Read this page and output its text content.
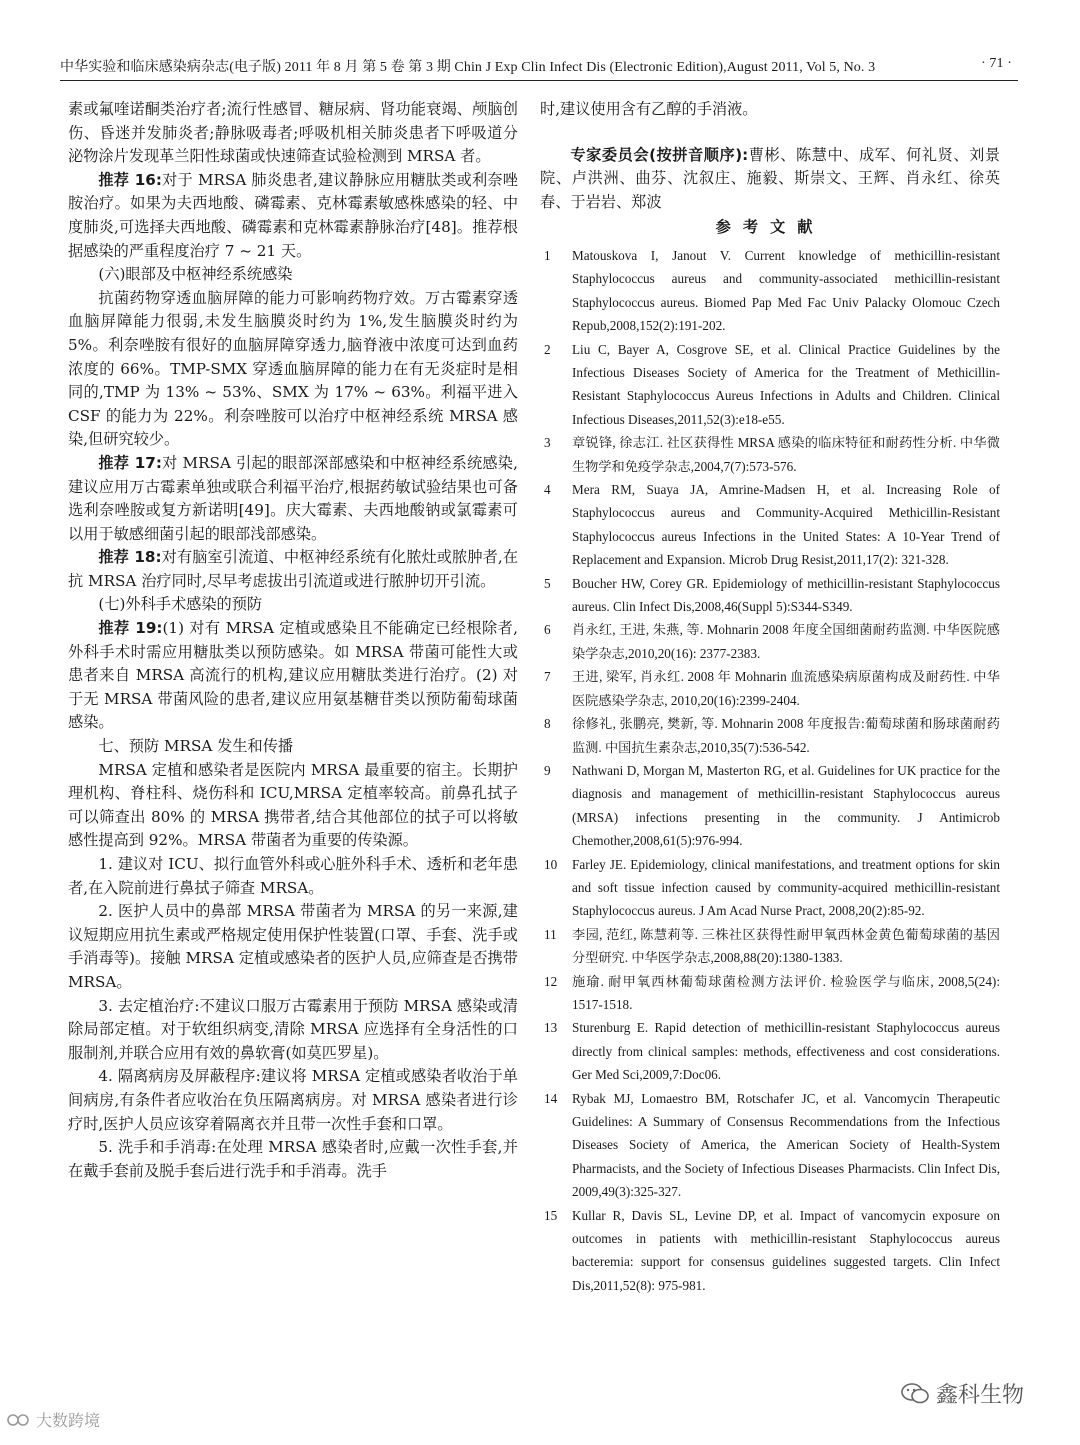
中华实验和临床感染病杂志(电子版) 2011 年 8 月 第 5 卷 第 3 期 Chin J Exp Clin Infect Dis (Electronic Edition),August 2011, Vol 5, No. 3	· 71 ·

素或氟喹诺酮类治疗者;流行性感冒、糖尿病、肾功能衰竭、颅脑创伤、昏迷并发肺炎者;静脉吸毒者;呼吸机相关肺炎患者下呼吸道分泌物涂片发现革兰阳性球菌或快速筛查试验检测到 MRSA 者。

推荐 16:对于 MRSA 肺炎患者,建议静脉应用糖肽类或利奈唑胺治疗。如果为夫西地酸、磷霉素、克林霉素敏感株感染的轻、中度肺炎,可选择夫西地酸、磷霉素和克林霉素静脉治疗[48]。推荐根据感染的严重程度治疗 7 ~ 21 天。

(六)眼部及中枢神经系统感染

抗菌药物穿透血脑屏障的能力可影响药物疗效。万古霉素穿透血脑屏障能力很弱,未发生脑膜炎时约为 1%,发生脑膜炎时约为 5%。利奈唑胺有很好的血脑屏障穿透力,脑脊液中浓度可达到血药浓度的 66%。TMP-SMX 穿透血脑屏障的能力在有无炎症时是相同的,TMP 为 13% ~ 53%、SMX 为 17% ~ 63%。利福平进入 CSF 的能力为 22%。利奈唑胺可以治疗中枢神经系统 MRSA 感染,但研究较少。

推荐 17:对 MRSA 引起的眼部深部感染和中枢神经系统感染,建议应用万古霉素单独或联合利福平治疗,根据药敏试验结果也可备选利奈唑胺或复方新诺明[49]。庆大霉素、夫西地酸钠或氯霉素可以用于敏感细菌引起的眼部浅部感染。

推荐 18:对有脑室引流道、中枢神经系统有化脓灶或脓肿者,在抗 MRSA 治疗同时,尽早考虑拔出引流道或进行脓肿切开引流。

(七)外科手术感染的预防

推荐 19:(1) 对有 MRSA 定植或感染且不能确定已经根除者,外科手术时需应用糖肽类以预防感染。如 MRSA 带菌可能性大或患者来自 MRSA 高流行的机构,建议应用糖肽类进行治疗。(2) 对于无 MRSA 带菌风险的患者,建议应用氨基糖苷类以预防葡萄球菌感染。

七、预防 MRSA 发生和传播

MRSA 定植和感染者是医院内 MRSA 最重要的宿主。长期护理机构、脊柱科、烧伤科和 ICU,MRSA 定植率较高。前鼻孔拭子可以筛查出 80% 的 MRSA 携带者,结合其他部位的拭子可以将敏感性提高到 92%。MRSA 带菌者为重要的传染源。

1. 建议对 ICU、拟行血管外科或心脏外科手术、透析和老年患者,在入院前进行鼻拭子筛查 MRSA。

2. 医护人员中的鼻部 MRSA 带菌者为 MRSA 的另一来源,建议短期应用抗生素或严格规定使用保护性装置(口罩、手套、洗手或手消毒等)。接触 MRSA 定植或感染者的医护人员,应筛查是否携带 MRSA。

3. 去定植治疗:不建议口服万古霉素用于预防 MRSA 感染或清除局部定植。对于软组织病变,清除 MRSA 应选择有全身活性的口服制剂,并联合应用有效的鼻软膏(如莫匹罗星)。

4. 隔离病房及屏蔽程序:建议将 MRSA 定植或感染者收治于单间病房,有条件者应收治在负压隔离病房。对 MRSA 感染者进行诊疗时,医护人员应该穿着隔离衣并且带一次性手套和口罩。

5. 洗手和手消毒:在处理 MRSA 感染者时,应戴一次性手套,并在戴手套前及脱手套后进行洗手和手消毒。洗手

时,建议使用含有乙醇的手消液。

专家委员会(按拼音顺序):曹彬、陈慧中、成军、何礼贤、刘景院、卢洪洲、曲芬、沈叙庄、施毅、斯崇文、王辉、肖永红、徐英春、于岩岩、郑波

参考文献

1 Matouskova I, Janout V. Current knowledge of methicillin-resistant Staphylococcus aureus and community-associated methicillin-resistant Staphylococcus aureus. Biomed Pap Med Fac Univ Palacky Olomouc Czech Repub,2008,152(2):191-202.
2 Liu C, Bayer A, Cosgrove SE, et al. Clinical Practice Guidelines by the Infectious Diseases Society of America for the Treatment of Methicillin-Resistant Staphylococcus Aureus Infections in Adults and Children. Clinical Infectious Diseases,2011,52(3):e18-e55.
3 章锐锋, 徐志江. 社区获得性 MRSA 感染的临床特征和耐药性分析. 中华微生物学和免疫学杂志,2004,7(7):573-576.
4 Mera RM, Suaya JA, Amrine-Madsen H, et al. Increasing Role of Staphylococcus aureus and Community-Acquired Methicillin-Resistant Staphylococcus aureus Infections in the United States: A 10-Year Trend of Replacement and Expansion. Microb Drug Resist,2011,17(2): 321-328.
5 Boucher HW, Corey GR. Epidemiology of methicillin-resistant Staphylococcus aureus. Clin Infect Dis,2008,46(Suppl 5):S344-S349.
6 肖永红, 王进, 朱燕, 等. Mohnarin 2008 年度全国细菌耐药监测. 中华医院感染学杂志,2010,20(16): 2377-2383.
7 王进, 梁军, 肖永红. 2008 年 Mohnarin 血流感染病原菌构成及耐药性. 中华医院感染学杂志, 2010,20(16):2399-2404.
8 徐修礼, 张鹏亮, 樊新, 等. Mohnarin 2008 年度报告:葡萄球菌和肠球菌耐药监测. 中国抗生素杂志,2010,35(7):536-542.
9 Nathwani D, Morgan M, Masterton RG, et al. Guidelines for UK practice for the diagnosis and management of methicillin-resistant Staphylococcus aureus (MRSA) infections presenting in the community. J Antimicrob Chemother,2008,61(5):976-994.
10 Farley JE. Epidemiology, clinical manifestations, and treatment options for skin and soft tissue infection caused by community-acquired methicillin-resistant Staphylococcus aureus. J Am Acad Nurse Pract, 2008,20(2):85-92.
11 李园, 范红, 陈慧莉等. 三株社区获得性耐甲氧西林金黄色葡萄球菌的基因分型研究. 中华医学杂志,2008,88(20):1380-1383.
12 施瑜. 耐甲氧西林葡萄球菌检测方法评价. 检验医学与临床, 2008,5(24): 1517-1518.
13 Sturenburg E. Rapid detection of methicillin-resistant Staphylococcus aureus directly from clinical samples: methods, effectiveness and cost considerations. Ger Med Sci,2009,7:Doc06.
14 Rybak MJ, Lomaestro BM, Rotschafer JC, et al. Vancomycin Therapeutic Guidelines: A Summary of Consensus Recommendations from the Infectious Diseases Society of America, the American Society of Health-System Pharmacists, and the Society of Infectious Diseases Pharmacists. Clin Infect Dis, 2009,49(3):325-327.
15 Kullar R, Davis SL, Levine DP, et al. Impact of vancomycin exposure on outcomes in patients with methicillin-resistant Staphylococcus aureus bacteremia: support for consensus guidelines suggested targets. Clin Infect Dis,2011,52(8): 975-981.
大数跨境
鑫科生物
